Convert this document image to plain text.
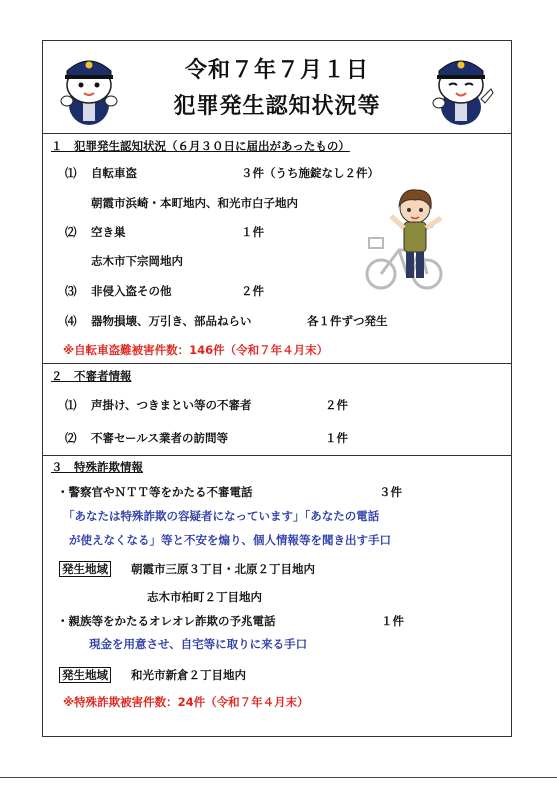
令和７年７月１日
犯罪発生認知状況等
１　犯罪発生認知状況（６月３０日に届出があったもの）
⑴ 自転車盗	３件（うち施錠なし２件）
朝霞市浜崎・本町地内、和光市白子地内
⑵ 空き巣	１件
志木市下宗岡地内
⑶ 非侵入盗その他	２件
⑷ 器物損壊、万引き、部品ねらい	各１件ずつ発生
※自転車盗難被害件数：146件（令和７年４月末）
２　不審者情報
⑴ 声掛け、つきまとい等の不審者	２件
⑵ 不審セールス業者の訪問等	１件
３　特殊詐欺情報
・警察官やＮＴＴ等をかたる不審電話	３件
「あなたは特殊詐欺の容疑者になっています」「あなたの電話
が使えなくなる」等と不安を煽り、個人情報等を聞き出す手口
発生地域 朝霞市三原３丁目・北原２丁目地内
志木市柏町２丁目地内
・親族等をかたるオレオレ詐欺の予兆電話	１件
現金を用意させ、自宅等に取りに来る手口
発生地域 和光市新倉２丁目地内
※特殊詐欺被害件数：24件（令和７年４月末）
